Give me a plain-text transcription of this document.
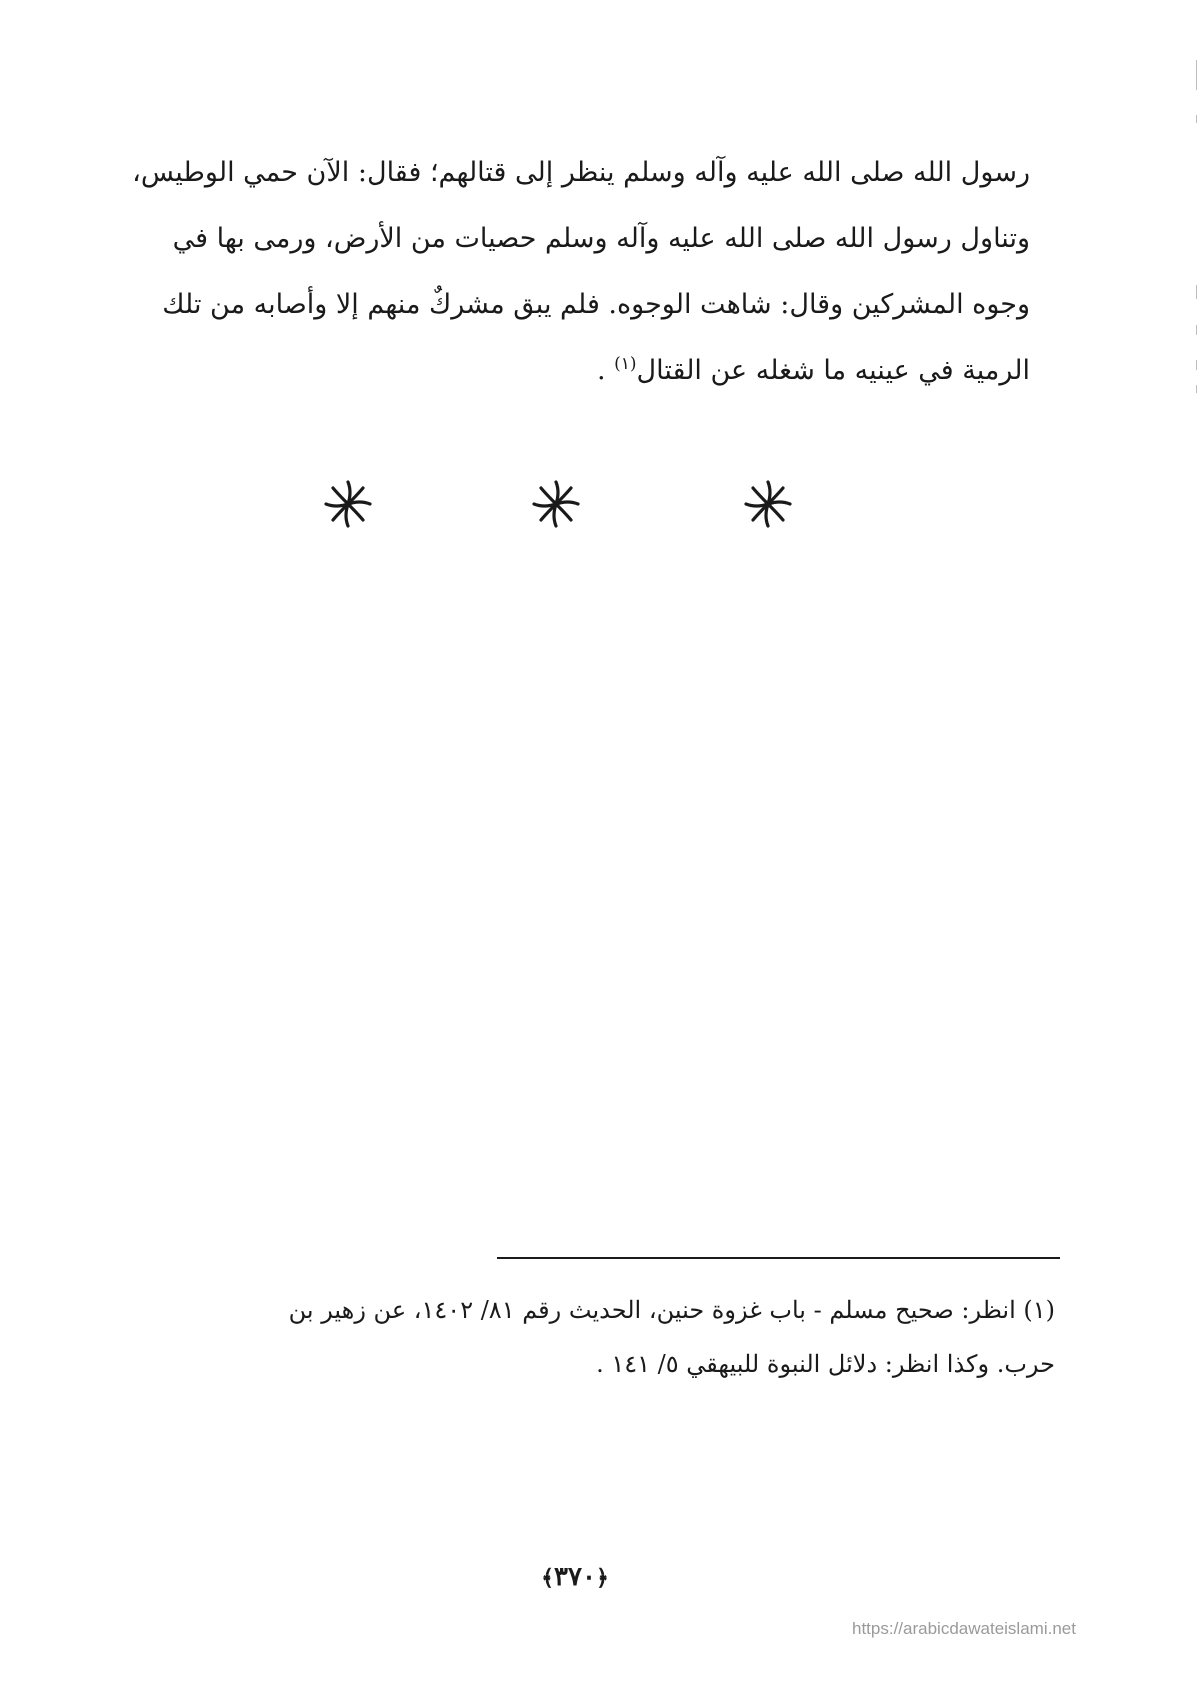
رسول الله صلى الله عليه وآله وسلم ينظر إلى قتالهم؛ فقال: الآن حمي الوطيس،
وتناول رسول الله صلى الله عليه وآله وسلم حصيات من الأرض، ورمى بها في
وجوه المشركين وقال: شاهت الوجوه. فلم يبق مشركٌ منهم إلا وأصابه من تلك
الرمية في عينيه ما شغله عن القتال$^{(١)}$ .
(١) انظر: صحيح مسلم - باب غزوة حنين، الحديث رقم ٨١/ ١٤٠٢، عن زهير بن
حرب. وكذا انظر: دلائل النبوة للبيهقي ٥/ ١٤١ .
﴿٣٧٠﴾
https://arabicdawateislami.net
